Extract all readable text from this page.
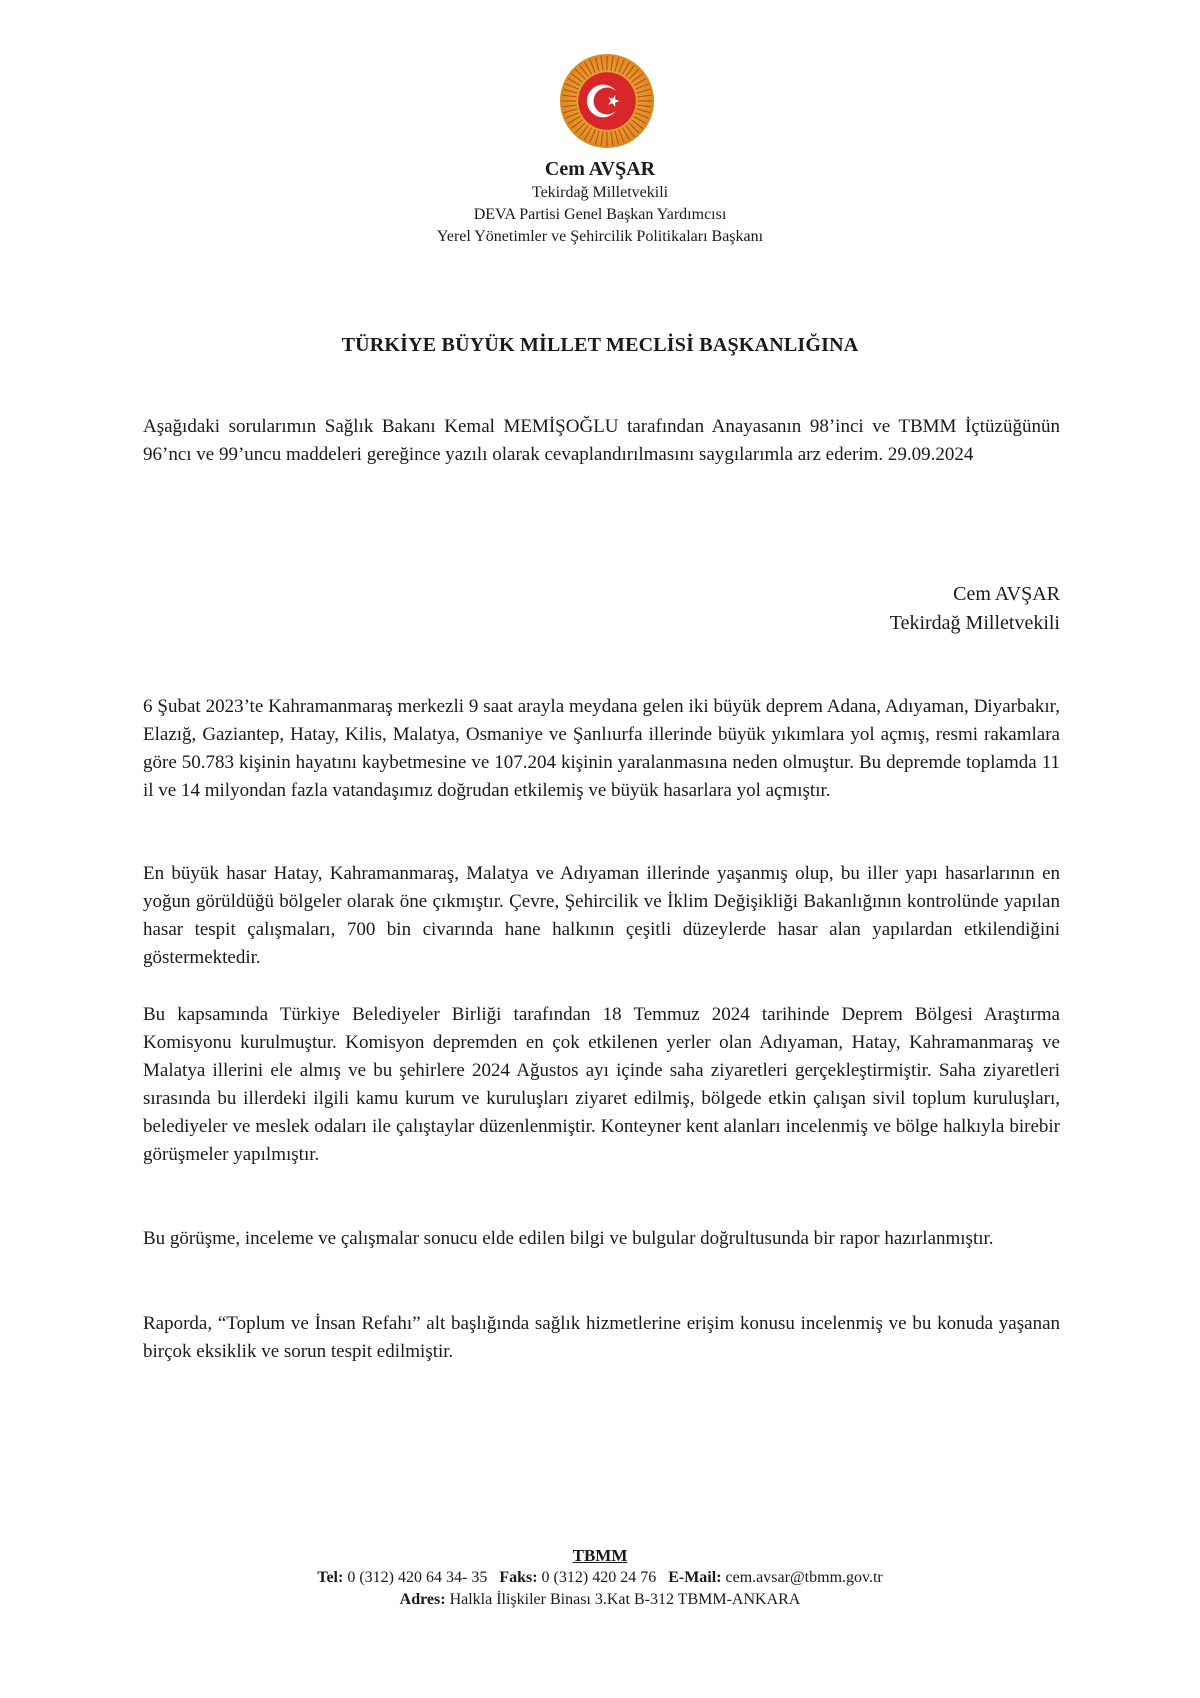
Cem AVŞAR
Tekirdağ Milletvekili
DEVA Partisi Genel Başkan Yardımcısı
Yerel Yönetimler ve Şehircilik Politikaları Başkanı
TÜRKİYE BÜYÜK MİLLET MECLİSİ BAŞKANLIĞINA

Aşağıdaki sorularımın Sağlık Bakanı Kemal MEMİŞOĞLU tarafından Anayasanın 98’inci ve TBMM İçtüzüğünün 96’ncı ve 99’uncu maddeleri gereğince yazılı olarak cevaplandırılmasını saygılarımla arz ederim. 29.09.2024

Cem AVŞAR
Tekirdağ Milletvekili

6 Şubat 2023’te Kahramanmaraş merkezli 9 saat arayla meydana gelen iki büyük deprem Adana, Adıyaman, Diyarbakır, Elazığ, Gaziantep, Hatay, Kilis, Malatya, Osmaniye ve Şanlıurfa illerinde büyük yıkımlara yol açmış, resmi rakamlara göre 50.783 kişinin hayatını kaybetmesine ve 107.204 kişinin yaralanmasına neden olmuştur. Bu depremde toplamda 11 il ve 14 milyondan fazla vatandaşımız doğrudan etkilemiş ve büyük hasarlara yol açmıştır.

En büyük hasar Hatay, Kahramanmaraş, Malatya ve Adıyaman illerinde yaşanmış olup, bu iller yapı hasarlarının en yoğun görüldüğü bölgeler olarak öne çıkmıştır. Çevre, Şehircilik ve İklim Değişikliği Bakanlığının kontrolünde yapılan hasar tespit çalışmaları, 700 bin civarında hane halkının çeşitli düzeylerde hasar alan yapılardan etkilendiğini göstermektedir.

Bu kapsamında Türkiye Belediyeler Birliği tarafından 18 Temmuz 2024 tarihinde Deprem Bölgesi Araştırma Komisyonu kurulmuştur. Komisyon depremden en çok etkilenen yerler olan Adıyaman, Hatay, Kahramanmaraş ve Malatya illerini ele almış ve bu şehirlere 2024 Ağustos ayı içinde saha ziyaretleri gerçekleştirmiştir. Saha ziyaretleri sırasında bu illerdeki ilgili kamu kurum ve kuruluşları ziyaret edilmiş, bölgede etkin çalışan sivil toplum kuruluşları, belediyeler ve meslek odaları ile çalıştaylar düzenlenmiştir. Konteyner kent alanları incelenmiş ve bölge halkıyla birebir görüşmeler yapılmıştır.

Bu görüşme, inceleme ve çalışmalar sonucu elde edilen bilgi ve bulgular doğrultusunda bir rapor hazırlanmıştır.

Raporda, “Toplum ve İnsan Refahı” alt başlığında sağlık hizmetlerine erişim konusu incelenmiş ve bu konuda yaşanan birçok eksiklik ve sorun tespit edilmiştir.

TBMM
Tel: 0 (312) 420 64 34- 35 Faks: 0 (312) 420 24 76 E-Mail: cem.avsar@tbmm.gov.tr
Adres: Halkla İlişkiler Binası 3.Kat B-312 TBMM-ANKARA
